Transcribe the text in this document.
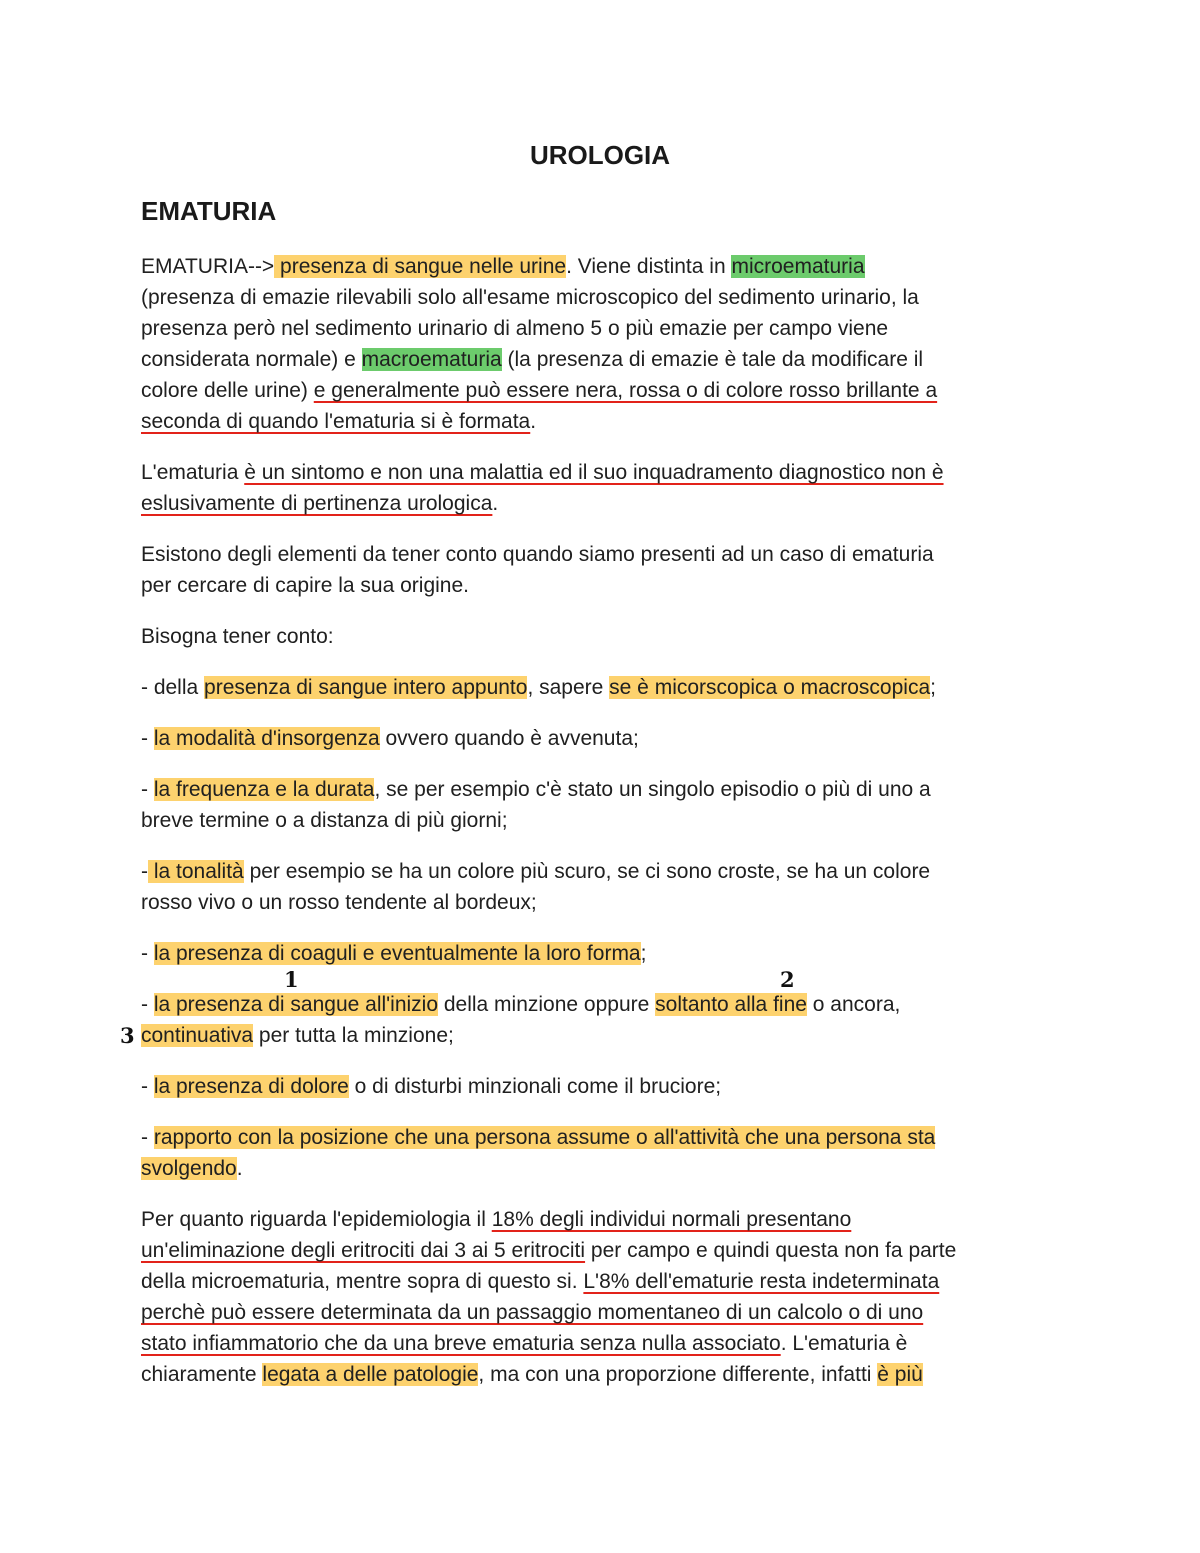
UROLOGIA
EMATURIA

EMATURIA--> presenza di sangue nelle urine. Viene distinta in microematuria
(presenza di emazie rilevabili solo all'esame microscopico del sedimento urinario, la
presenza però nel sedimento urinario di almeno 5 o più emazie per campo viene
considerata normale) e macroematuria (la presenza di emazie è tale da modificare il
colore delle urine) e generalmente può essere nera, rossa o di colore rosso brillante a
seconda di quando l'ematuria si è formata.

L'ematuria è un sintomo e non una malattia ed il suo inquadramento diagnostico non è
eslusivamente di pertinenza urologica.

Esistono degli elementi da tener conto quando siamo presenti ad un caso di ematuria
per cercare di capire la sua origine.

Bisogna tener conto:

- della presenza di sangue intero appunto, sapere se è micorscopica o macroscopica;

- la modalità d'insorgenza ovvero quando è avvenuta;

- la frequenza e la durata, se per esempio c'è stato un singolo episodio o più di uno a
breve termine o a distanza di più giorni;

- la tonalità per esempio se ha un colore più scuro, se ci sono croste, se ha un colore
rosso vivo o un rosso tendente al bordeux;

- la presenza di coaguli e eventualmente la loro forma;

- la presenza di sangue all'inizio della minzione oppure soltanto alla fine o ancora,
continuativa per tutta la minzione;

- la presenza di dolore o di disturbi minzionali come il bruciore;

- rapporto con la posizione che una persona assume o all'attività che una persona sta
svolgendo.

Per quanto riguarda l'epidemiologia il 18% degli individui normali presentano
un'eliminazione degli eritrociti dai 3 ai 5 eritrociti per campo e quindi questa non fa parte
della microematuria, mentre sopra di questo si. L'8% dell'ematurie resta indeterminata
perchè può essere determinata da un passaggio momentaneo di un calcolo o di uno
stato infiammatorio che da una breve ematuria senza nulla associato. L'ematuria è
chiaramente legata a delle patologie, ma con una proporzione differente, infatti è più

1	2
3
